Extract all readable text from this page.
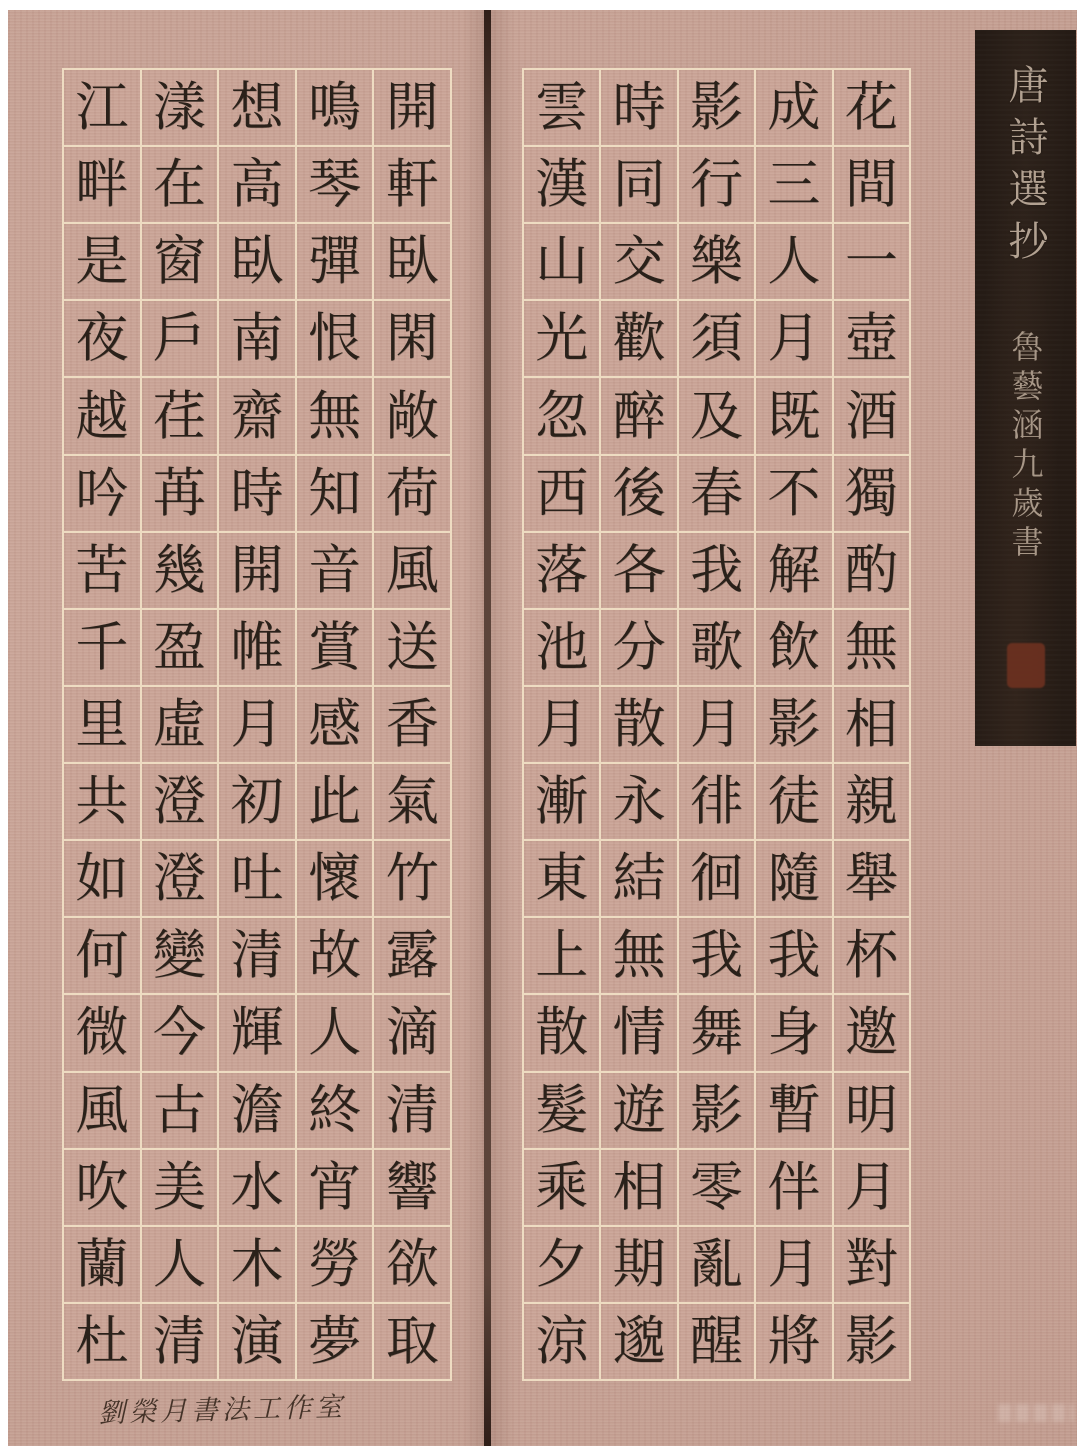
開
軒
臥
閑
敞
荷
風
送
香
氣
竹
露
滴
清
響
欲
取
鳴
琴
彈
恨
無
知
音
賞
感
此
懷
故
人
終
宵
勞
夢
想
高
臥
南
齋
時
開
帷
月
初
吐
清
輝
澹
水
木
演
漾
在
窗
戶
荏
苒
幾
盈
虛
澄
澄
變
今
古
美
人
清
江
畔
是
夜
越
吟
苦
千
里
共
如
何
微
風
吹
蘭
杜
花
間
一
壺
酒
獨
酌
無
相
親
舉
杯
邀
明
月
對
影
成
三
人
月
既
不
解
飲
影
徒
隨
我
身
暫
伴
月
將
影
行
樂
須
及
春
我
歌
月
徘
徊
我
舞
影
零
亂
醒
時
同
交
歡
醉
後
各
分
散
永
結
無
情
遊
相
期
邈
雲
漢
山
光
忽
西
落
池
月
漸
東
上
散
髮
乘
夕
涼
唐詩選抄
魯藝涵九歲書
劉榮月書法工作室
